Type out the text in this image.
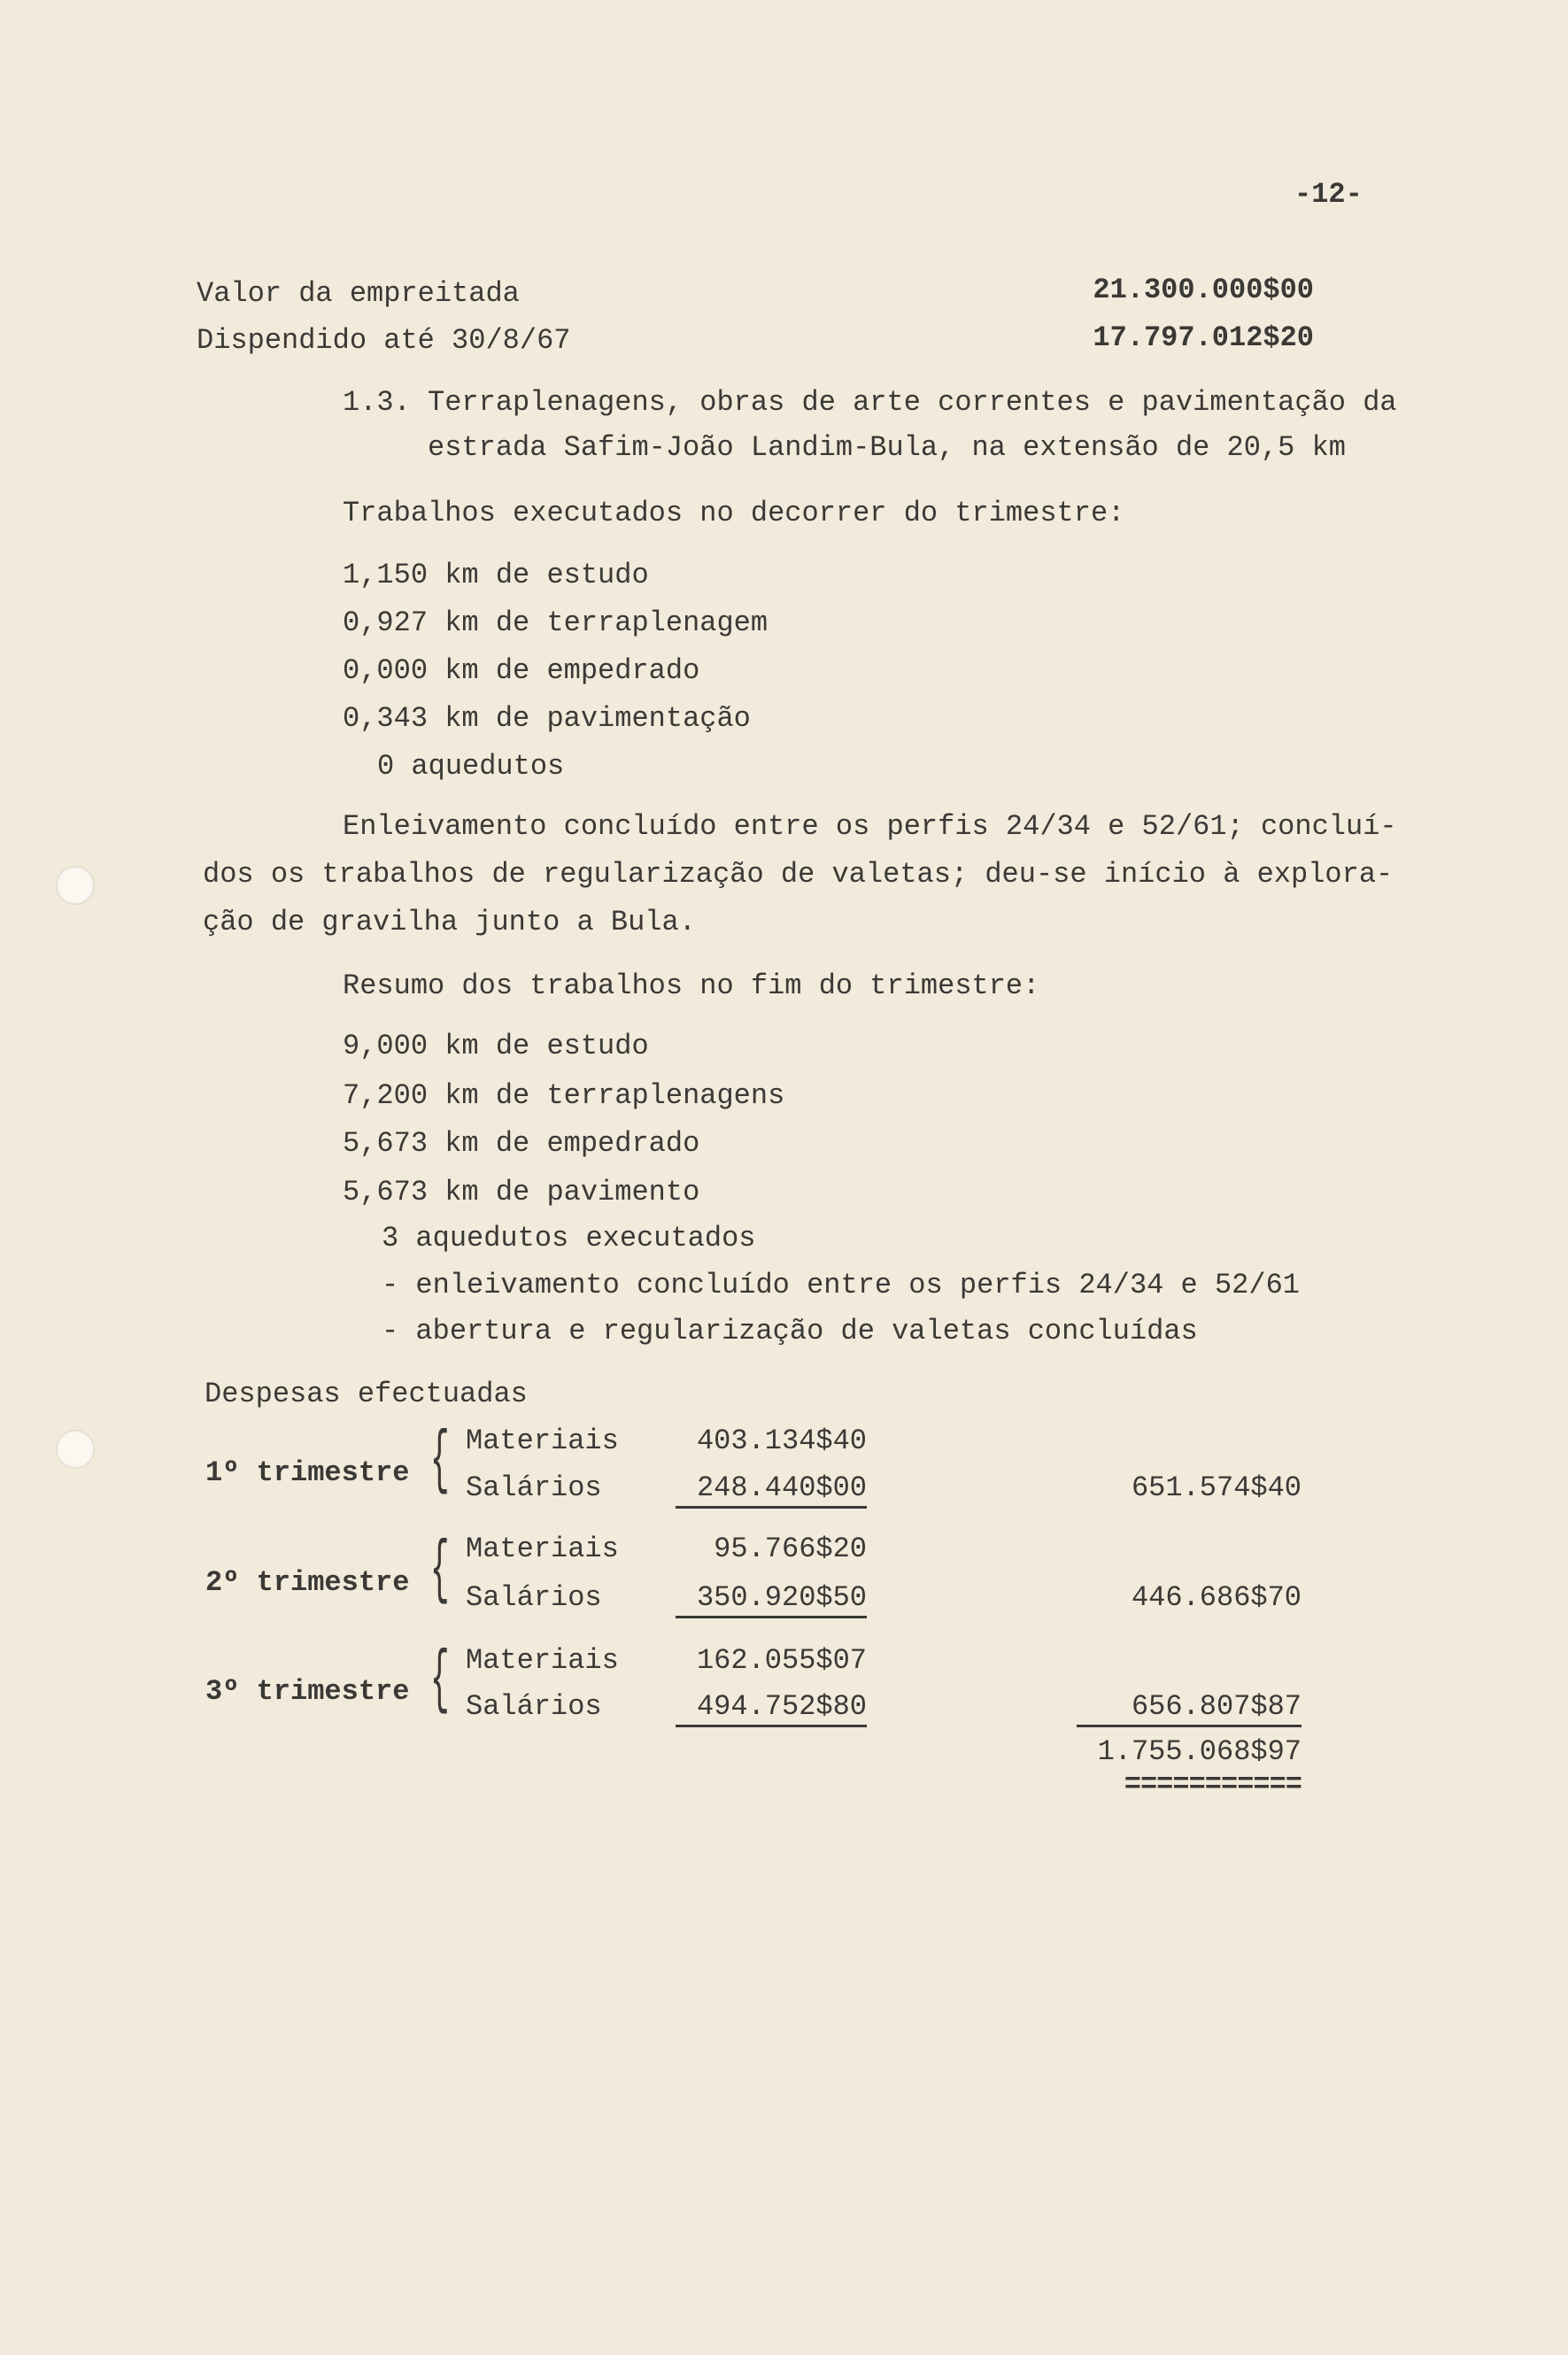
-12-
Valor da empreitada	21.300.000$00
Dispendido até 30/8/67	17.797.012$20
1.3. Terraplenagens, obras de arte correntes e pavimentação da
estrada Safim-João Landim-Bula, na extensão de 20,5 km
Trabalhos executados no decorrer do trimestre:
1,150 km de estudo
0,927 km de terraplenagem
0,000 km de empedrado
0,343 km de pavimentação
0 aquedutos
Enleivamento concluído entre os perfis 24/34 e 52/61; concluí-
dos os trabalhos de regularização de valetas; deu-se início à explora-
ção de gravilha junto a Bula.
Resumo dos trabalhos no fim do trimestre:
9,000 km de estudo
7,200 km de terraplenagens
5,673 km de empedrado
5,673 km de pavimento
3 aquedutos executados
- enleivamento concluído entre os perfis 24/34 e 52/61
- abertura e regularização de valetas concluídas
Despesas efectuadas
1º trimestre { Materiais	403.134$40
Salários	248.440$00	651.574$40
2º trimestre { Materiais	95.766$20
Salários	350.920$50	446.686$70
3º trimestre { Materiais	162.055$07
Salários	494.752$80	656.807$87
1.755.068$97
===========
